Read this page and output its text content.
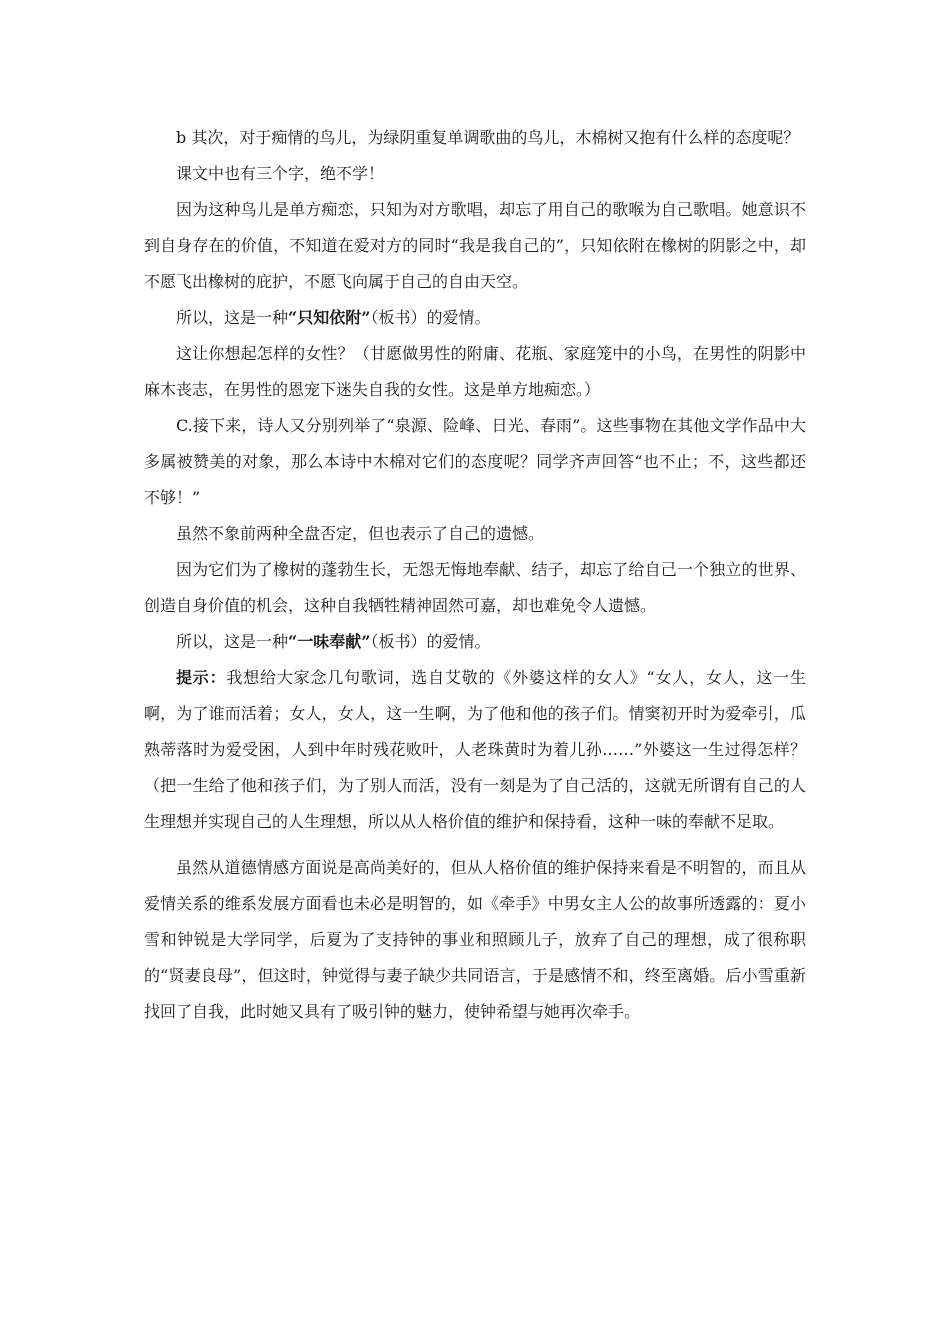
b 其次，对于痴情的鸟儿，为绿阴重复单调歌曲的鸟儿，木棉树又抱有什么样的态度呢？

课文中也有三个字，绝不学！

因为这种鸟儿是单方痴恋，只知为对方歌唱，却忘了用自己的歌喉为自己歌唱。她意识不到自身存在的价值，不知道在爱对方的同时“我是我自己的”，只知依附在橡树的阴影之中，却不愿飞出橡树的庇护，不愿飞向属于自己的自由天空。

所以，这是一种“只知依附”（板书）的爱情。

这让你想起怎样的女性？（甘愿做男性的附庸、花瓶、家庭笼中的小鸟，在男性的阴影中麻木丧志，在男性的恩宠下迷失自我的女性。这是单方地痴恋。）

C.接下来，诗人又分别列举了“泉源、险峰、日光、春雨”。这些事物在其他文学作品中大多属被赞美的对象，那么本诗中木棉对它们的态度呢？同学齐声回答“也不止；不，这些都还不够！”

虽然不象前两种全盘否定，但也表示了自己的遗憾。

因为它们为了橡树的蓬勃生长，无怨无悔地奉献、结子，却忘了给自己一个独立的世界、创造自身价值的机会，这种自我牺牲精神固然可嘉，却也难免令人遗憾。

所以，这是一种“一味奉献”（板书）的爱情。

提示：我想给大家念几句歌词，选自艾敬的《外婆这样的女人》“女人，女人，这一生啊，为了谁而活着；女人，女人，这一生啊，为了他和他的孩子们。情窦初开时为爱牵引，瓜熟蒂落时为爱受困，人到中年时残花败叶，人老珠黄时为着儿孙……”外婆这一生过得怎样？（把一生给了他和孩子们，为了别人而活，没有一刻是为了自己活的，这就无所谓有自己的人生理想并实现自己的人生理想，所以从人格价值的维护和保持看，这种一味的奉献不足取。

虽然从道德情感方面说是高尚美好的，但从人格价值的维护保持来看是不明智的，而且从爱情关系的维系发展方面看也未必是明智的，如《牵手》中男女主人公的故事所透露的：夏小雪和钟锐是大学同学，后夏为了支持钟的事业和照顾儿子，放弃了自己的理想，成了很称职的“贤妻良母”，但这时，钟觉得与妻子缺少共同语言，于是感情不和，终至离婚。后小雪重新找回了自我，此时她又具有了吸引钟的魅力，使钟希望与她再次牵手。
